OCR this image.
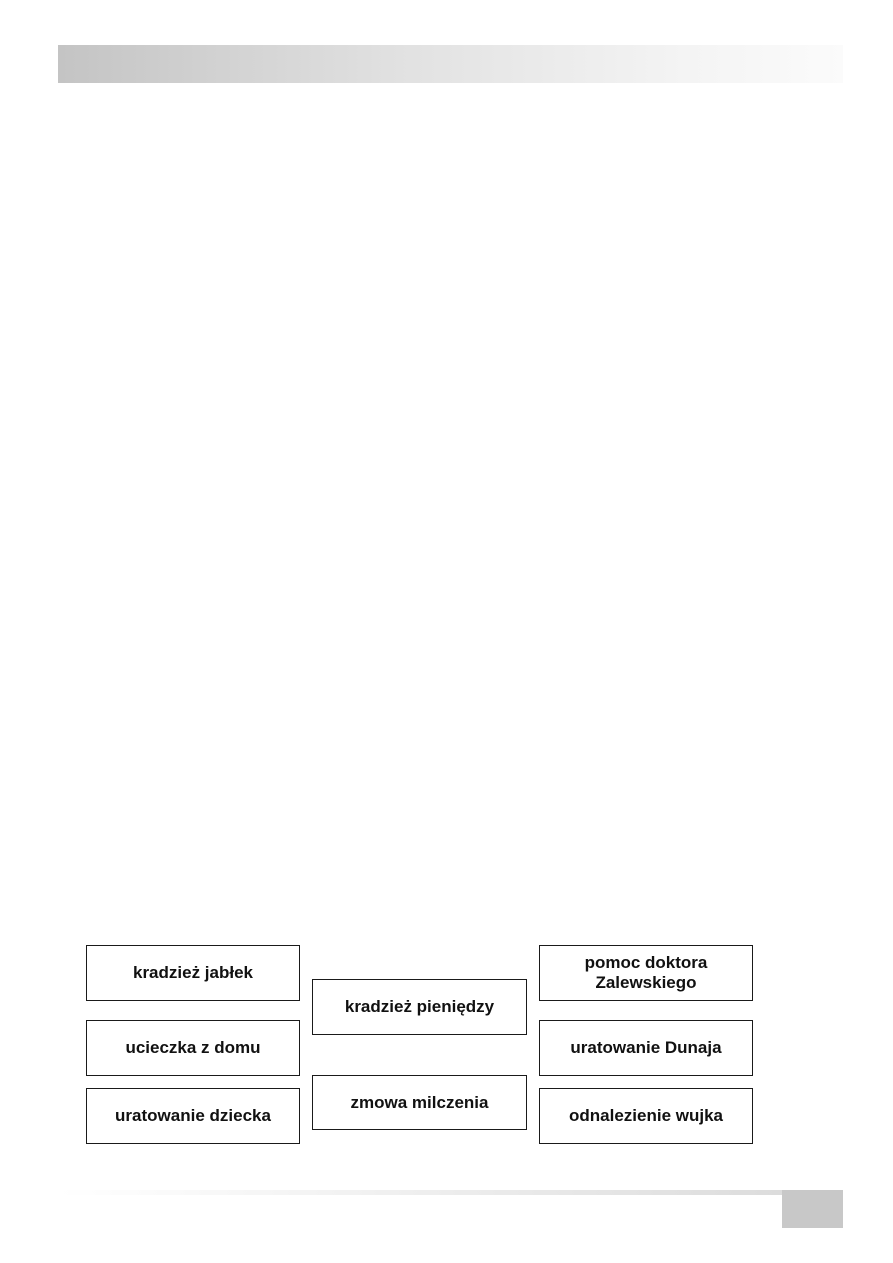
kradzież jabłek
ucieczka z domu
uratowanie dziecka
kradzież pieniędzy
zmowa milczenia
pomoc doktora Zalewskiego
uratowanie Dunaja
odnalezienie wujka
